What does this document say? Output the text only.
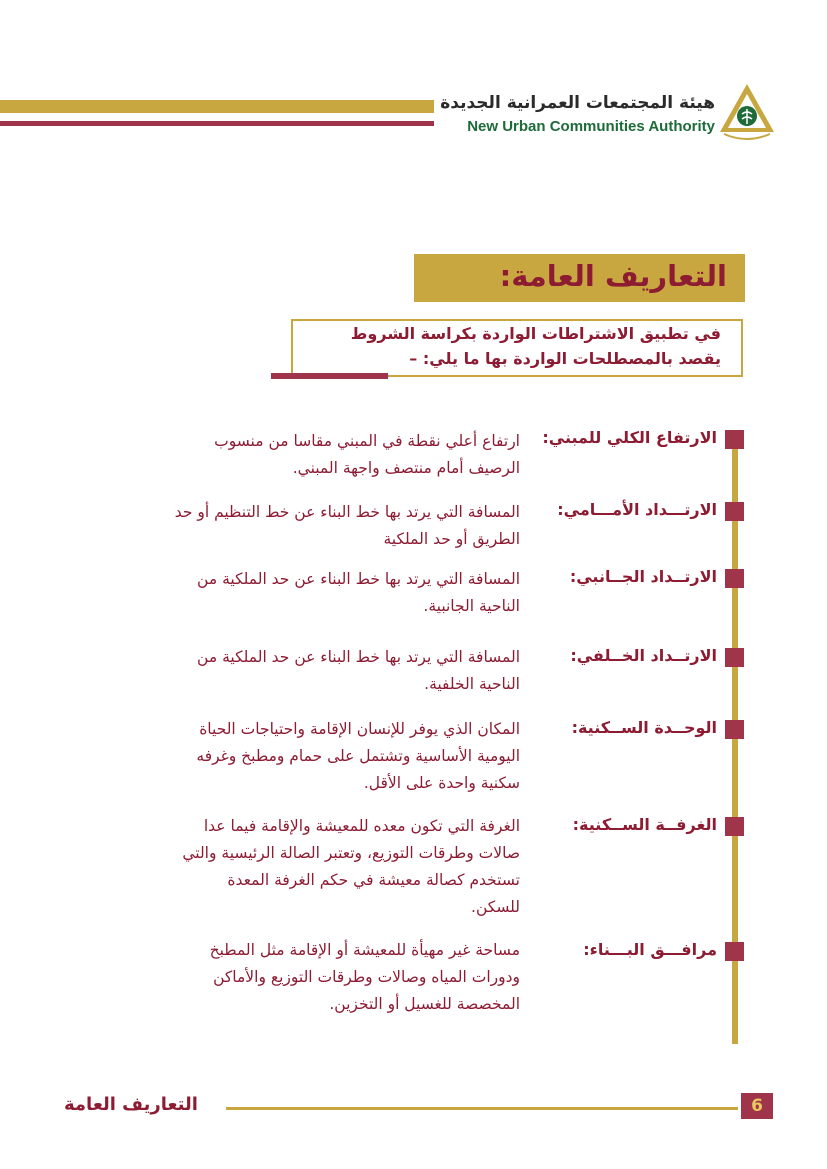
هيئة المجتمعات العمرانية الجديدة
New Urban Communities Authority
التعاريف العامة:
في تطبيق الاشتراطات الواردة بكراسة الشروط
يقصد بالمصطلحات الواردة بها ما يلي: –
الارتفاع الكلي للمبني:
ارتفاع أعلي نقطة في المبني مقاسا من منسوب
الرصيف أمام منتصف واجهة المبني.
الارتـــداد الأمـــامي:
المسافة التي يرتد بها خط البناء عن خط التنظيم أو حد
الطريق أو حد الملكية
الارتــداد الجــانبي:
المسافة التي يرتد بها خط البناء عن حد الملكية من
الناحية الجانبية.
الارتــداد الخــلفي:
المسافة التي يرتد بها خط البناء عن حد الملكية من
الناحية الخلفية.
الوحــدة الســكنية:
المكان الذي يوفر للإنسان الإقامة واحتياجات الحياة
اليومية الأساسية وتشتمل على حمام ومطبخ وغرفه
سكنية واحدة على الأقل.
الغرفــة الســكنية:
الغرفة التي تكون معده للمعيشة والإقامة فيما عدا
صالات وطرقات التوزيع، وتعتبر الصالة الرئيسية والتي
تستخدم كصالة معيشة في حكم الغرفة المعدة
للسكن.
مرافـــق البـــناء:
مساحة غير مهيأة للمعيشة أو الإقامة مثل المطبخ
ودورات المياه وصالات وطرقات التوزيع والأماكن
المخصصة للغسيل أو التخزين.
التعاريف العامة	6
